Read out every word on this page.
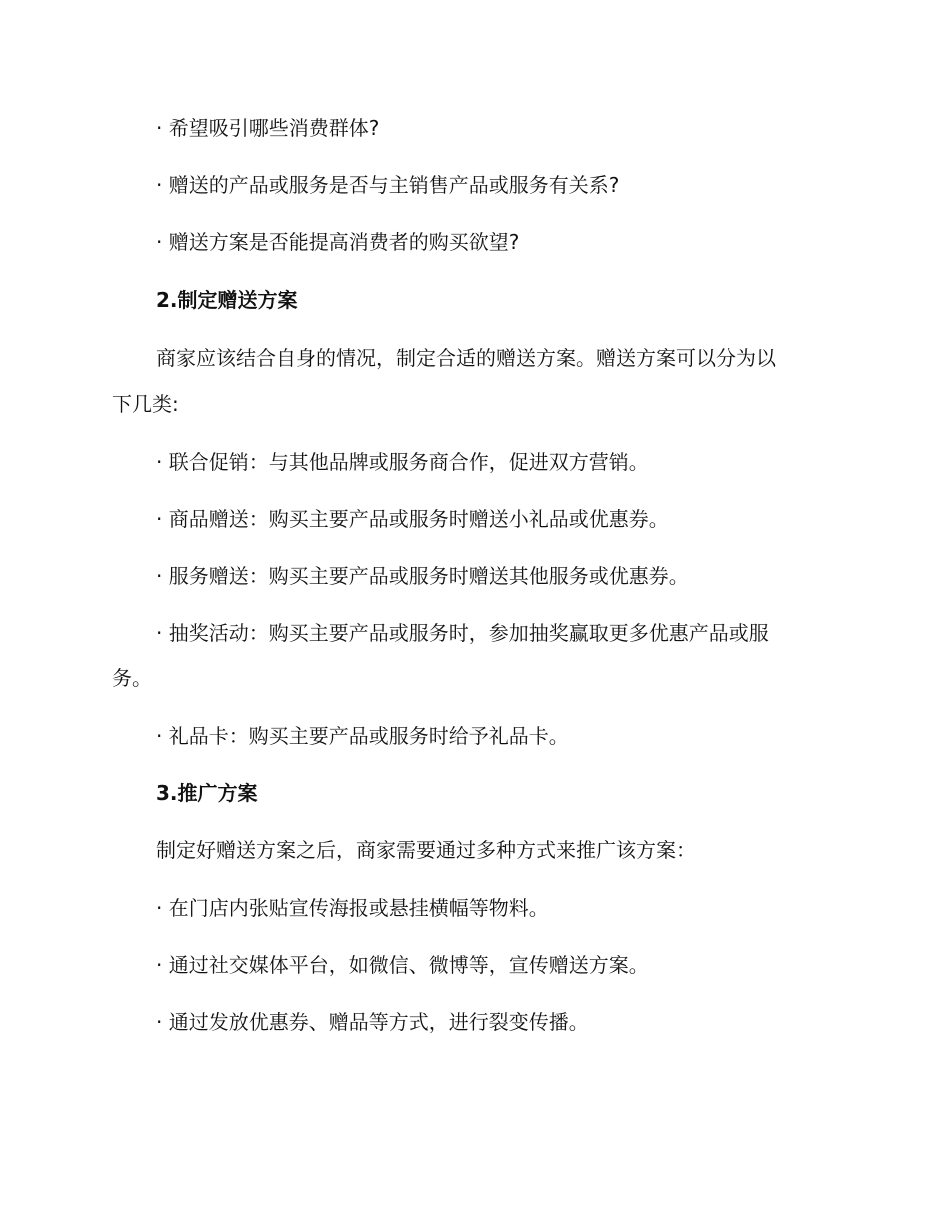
· 希望吸引哪些消费群体?
· 赠送的产品或服务是否与主销售产品或服务有关系?
· 赠送方案是否能提高消费者的购买欲望?
2.制定赠送方案
商家应该结合自身的情况，制定合适的赠送方案。赠送方案可以分为以
下几类:
· 联合促销：与其他品牌或服务商合作，促进双方营销。
· 商品赠送：购买主要产品或服务时赠送小礼品或优惠券。
· 服务赠送：购买主要产品或服务时赠送其他服务或优惠券。
· 抽奖活动：购买主要产品或服务时，参加抽奖赢取更多优惠产品或服
务。
· 礼品卡：购买主要产品或服务时给予礼品卡。
3.推广方案
制定好赠送方案之后，商家需要通过多种方式来推广该方案：
· 在门店内张贴宣传海报或悬挂横幅等物料。
· 通过社交媒体平台，如微信、微博等，宣传赠送方案。
· 通过发放优惠券、赠品等方式，进行裂变传播。
